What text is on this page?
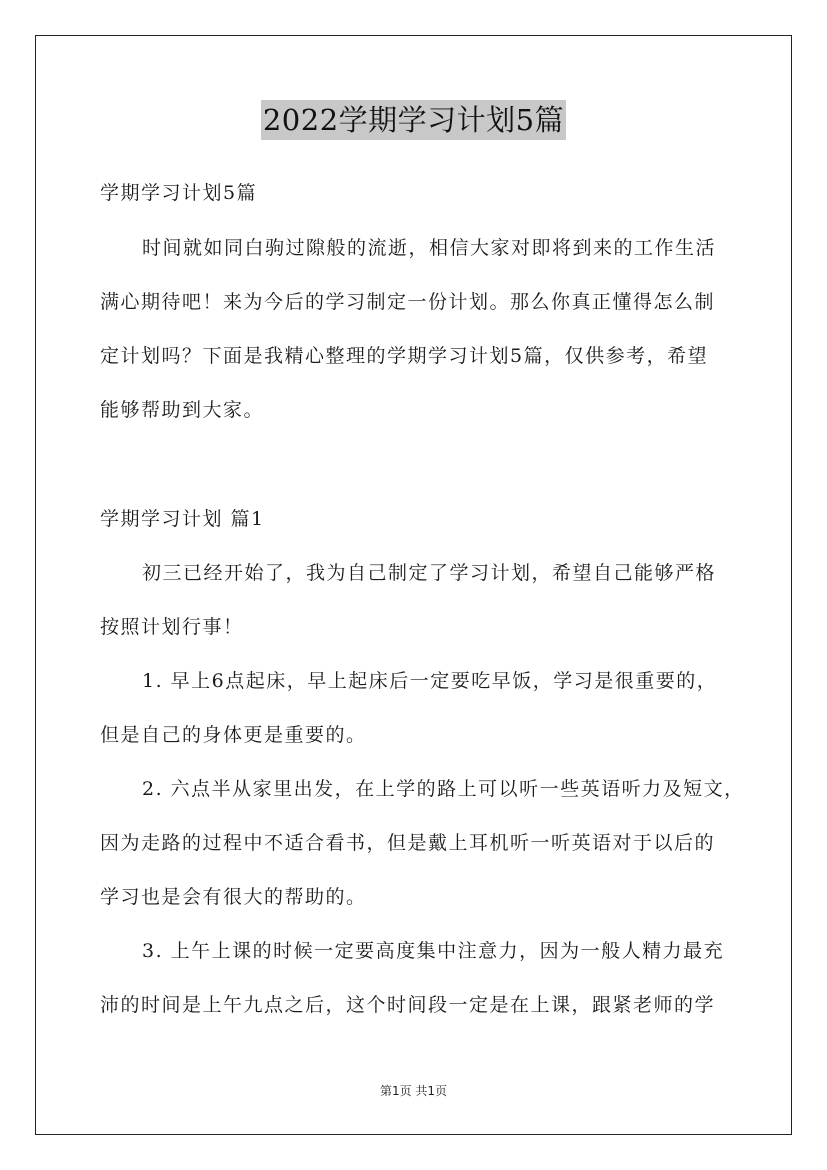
2022学期学习计划5篇
学期学习计划5篇
时间就如同白驹过隙般的流逝，相信大家对即将到来的工作生活
满心期待吧！来为今后的学习制定一份计划。那么你真正懂得怎么制
定计划吗？下面是我精心整理的学期学习计划5篇，仅供参考，希望
能够帮助到大家。
学期学习计划 篇1
初三已经开始了，我为自己制定了学习计划，希望自己能够严格
按照计划行事！
1. 早上6点起床，早上起床后一定要吃早饭，学习是很重要的，
但是自己的身体更是重要的。
2. 六点半从家里出发，在上学的路上可以听一些英语听力及短文，
因为走路的过程中不适合看书，但是戴上耳机听一听英语对于以后的
学习也是会有很大的帮助的。
3. 上午上课的时候一定要高度集中注意力，因为一般人精力最充
沛的时间是上午九点之后，这个时间段一定是在上课，跟紧老师的学
第1页 共1页
